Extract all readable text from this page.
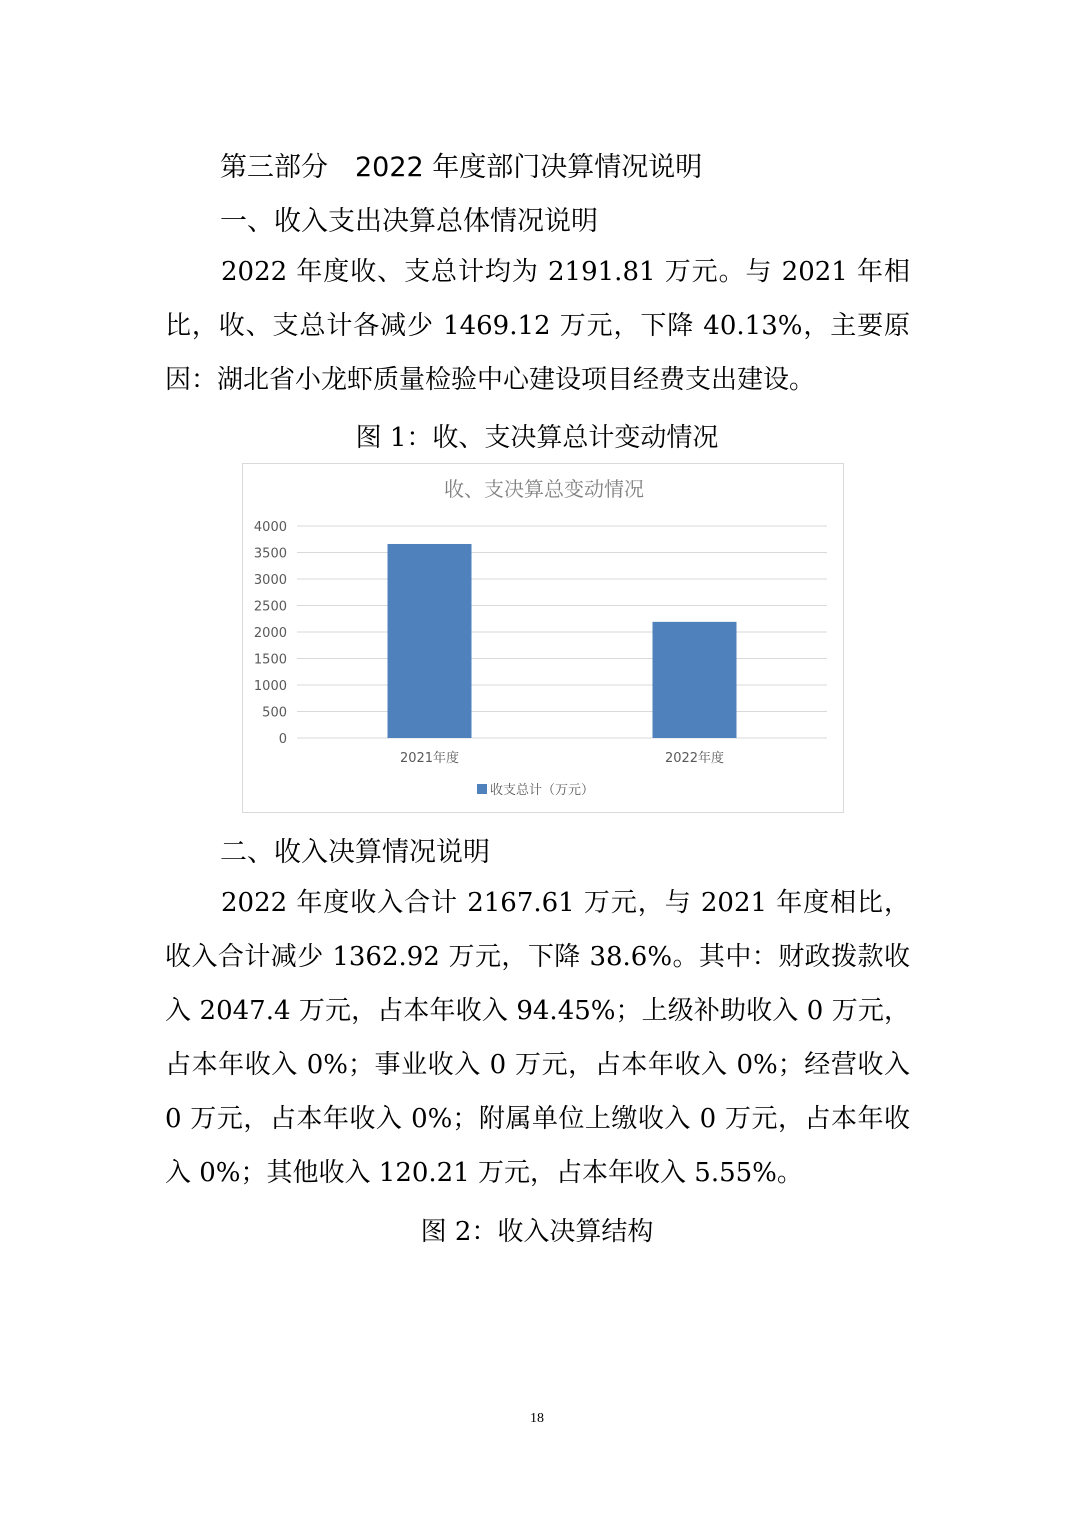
第三部分　2022 年度部门决算情况说明
一、收入支出决算总体情况说明
2022 年度收、支总计均为 2191.81 万元。与 2021 年相比，收、支总计各减少 1469.12 万元，下降 40.13%，主要原因：湖北省小龙虾质量检验中心建设项目经费支出建设。
图 1：收、支决算总计变动情况
收、支决算总变动情况
0
500
1000
1500
2000
2500
3000
3500
4000
2021年度	2022年度
收支总计（万元）
二、收入决算情况说明
2022 年度收入合计 2167.61 万元，与 2021 年度相比，收入合计减少 1362.92 万元，下降 38.6%。其中：财政拨款收入 2047.4 万元，占本年收入 94.45%；上级补助收入 0 万元，占本年收入 0%；事业收入 0 万元，占本年收入 0%；经营收入 0 万元，占本年收入 0%；附属单位上缴收入 0 万元，占本年收入 0%；其他收入 120.21 万元，占本年收入 5.55%。
图 2：收入决算结构
18
